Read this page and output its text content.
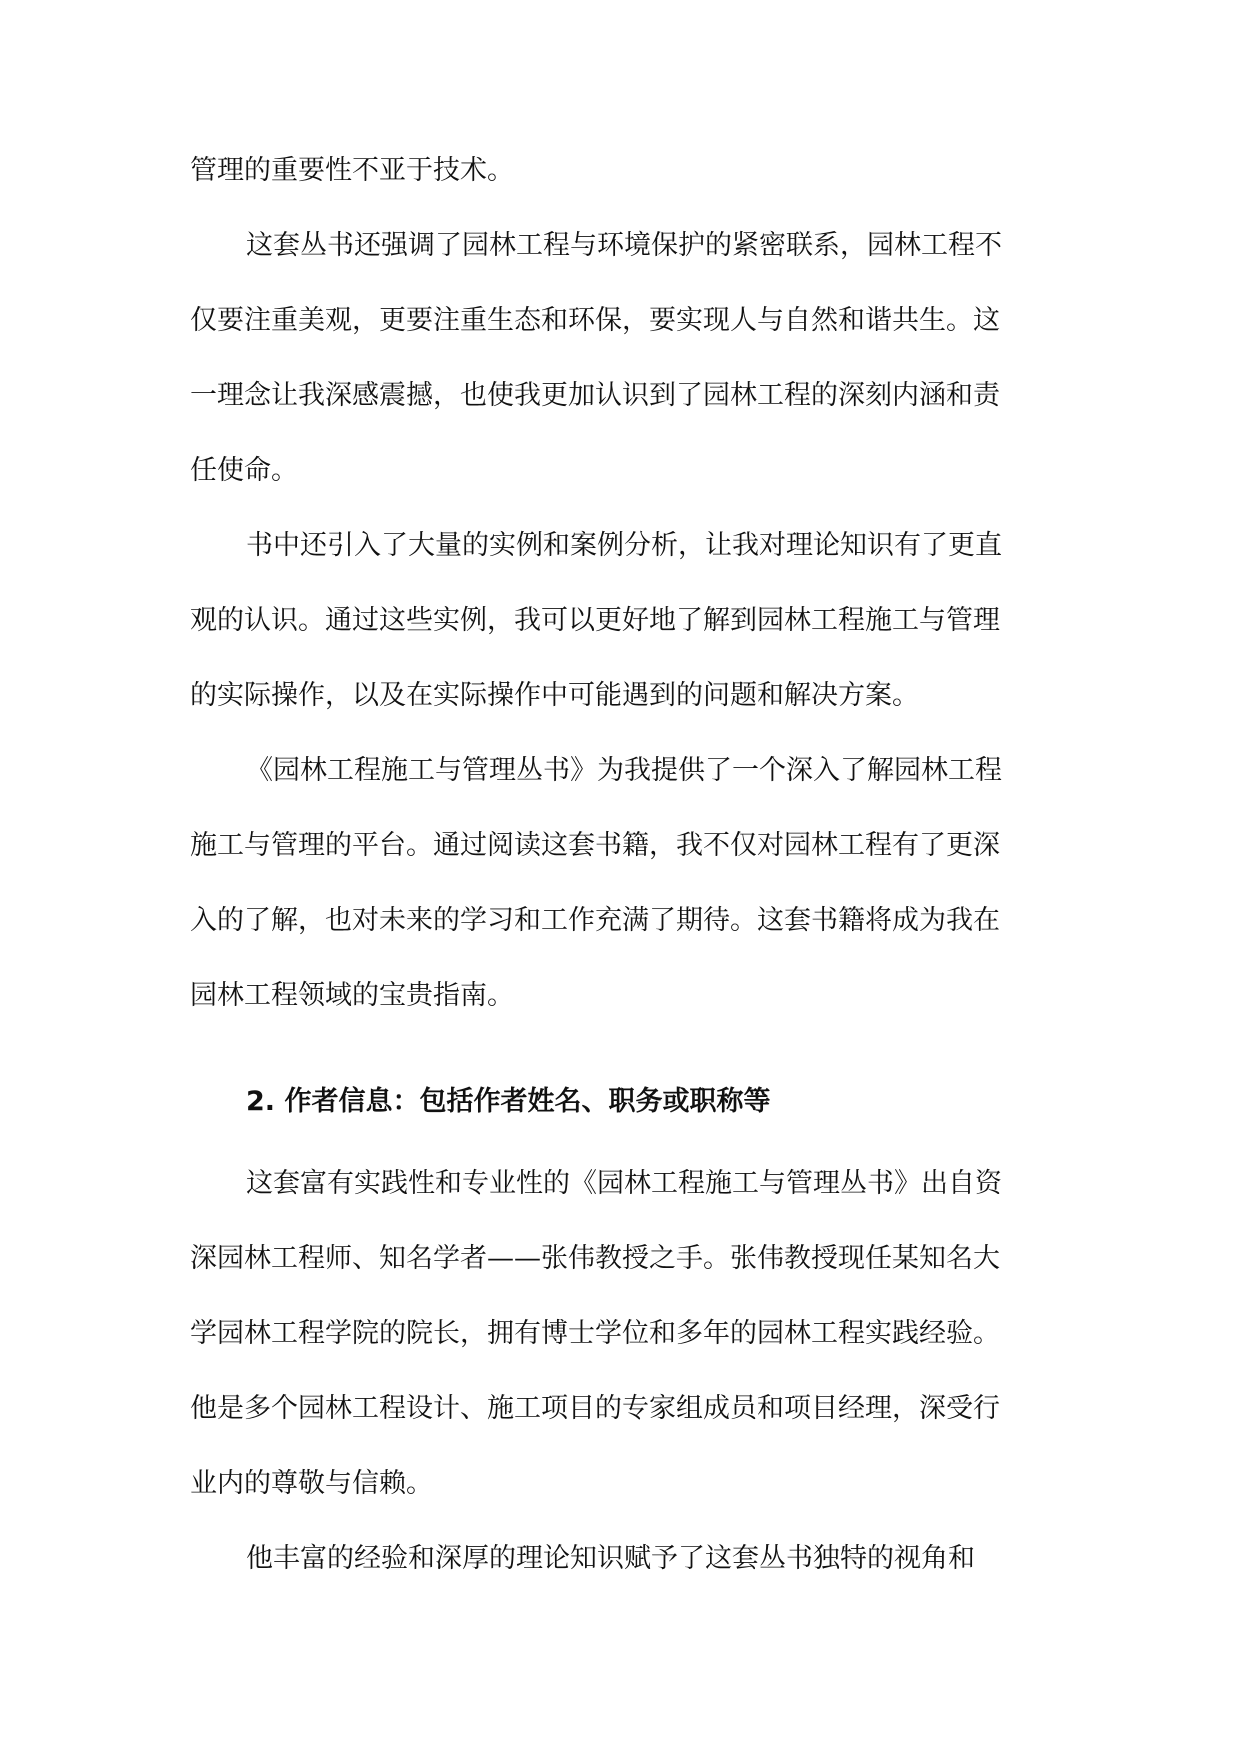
管理的重要性不亚于技术。
这套丛书还强调了园林工程与环境保护的紧密联系，园林工程不
仅要注重美观，更要注重生态和环保，要实现人与自然和谐共生。这
一理念让我深感震撼，也使我更加认识到了园林工程的深刻内涵和责
任使命。
书中还引入了大量的实例和案例分析，让我对理论知识有了更直
观的认识。通过这些实例，我可以更好地了解到园林工程施工与管理
的实际操作，以及在实际操作中可能遇到的问题和解决方案。
《园林工程施工与管理丛书》为我提供了一个深入了解园林工程
施工与管理的平台。通过阅读这套书籍，我不仅对园林工程有了更深
入的了解，也对未来的学习和工作充满了期待。这套书籍将成为我在
园林工程领域的宝贵指南。
2. 作者信息：包括作者姓名、职务或职称等
这套富有实践性和专业性的《园林工程施工与管理丛书》出自资
深园林工程师、知名学者——张伟教授之手。张伟教授现任某知名大
学园林工程学院的院长，拥有博士学位和多年的园林工程实践经验。
他是多个园林工程设计、施工项目的专家组成员和项目经理，深受行
业内的尊敬与信赖。
他丰富的经验和深厚的理论知识赋予了这套丛书独特的视角和
